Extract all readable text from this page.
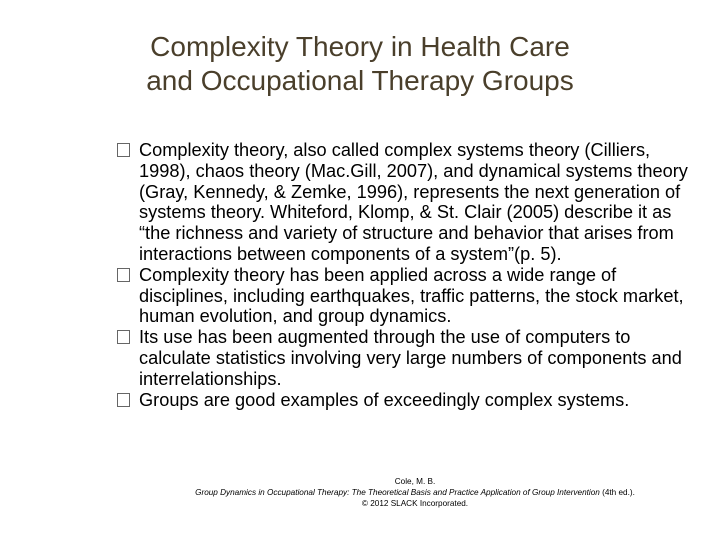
Complexity Theory in Health Care
and Occupational Therapy Groups
Complexity theory, also called complex systems theory (Cilliers, 1998), chaos theory (Mac.Gill, 2007), and dynamical systems theory (Gray, Kennedy, & Zemke, 1996), represents the next generation of systems theory. Whiteford, Klomp, & St. Clair (2005) describe it as “the richness and variety of structure and behavior that arises from interactions between components of a system”(p. 5).
Complexity theory has been applied across a wide range of disciplines, including earthquakes, traffic patterns, the stock market, human evolution, and group dynamics.
Its use has been augmented through the use of computers to calculate statistics involving very large numbers of components and interrelationships.
Groups are good examples of exceedingly complex systems.
Cole, M. B.
Group Dynamics in Occupational Therapy: The Theoretical Basis and Practice Application of Group Intervention (4th ed.).
© 2012 SLACK Incorporated.
